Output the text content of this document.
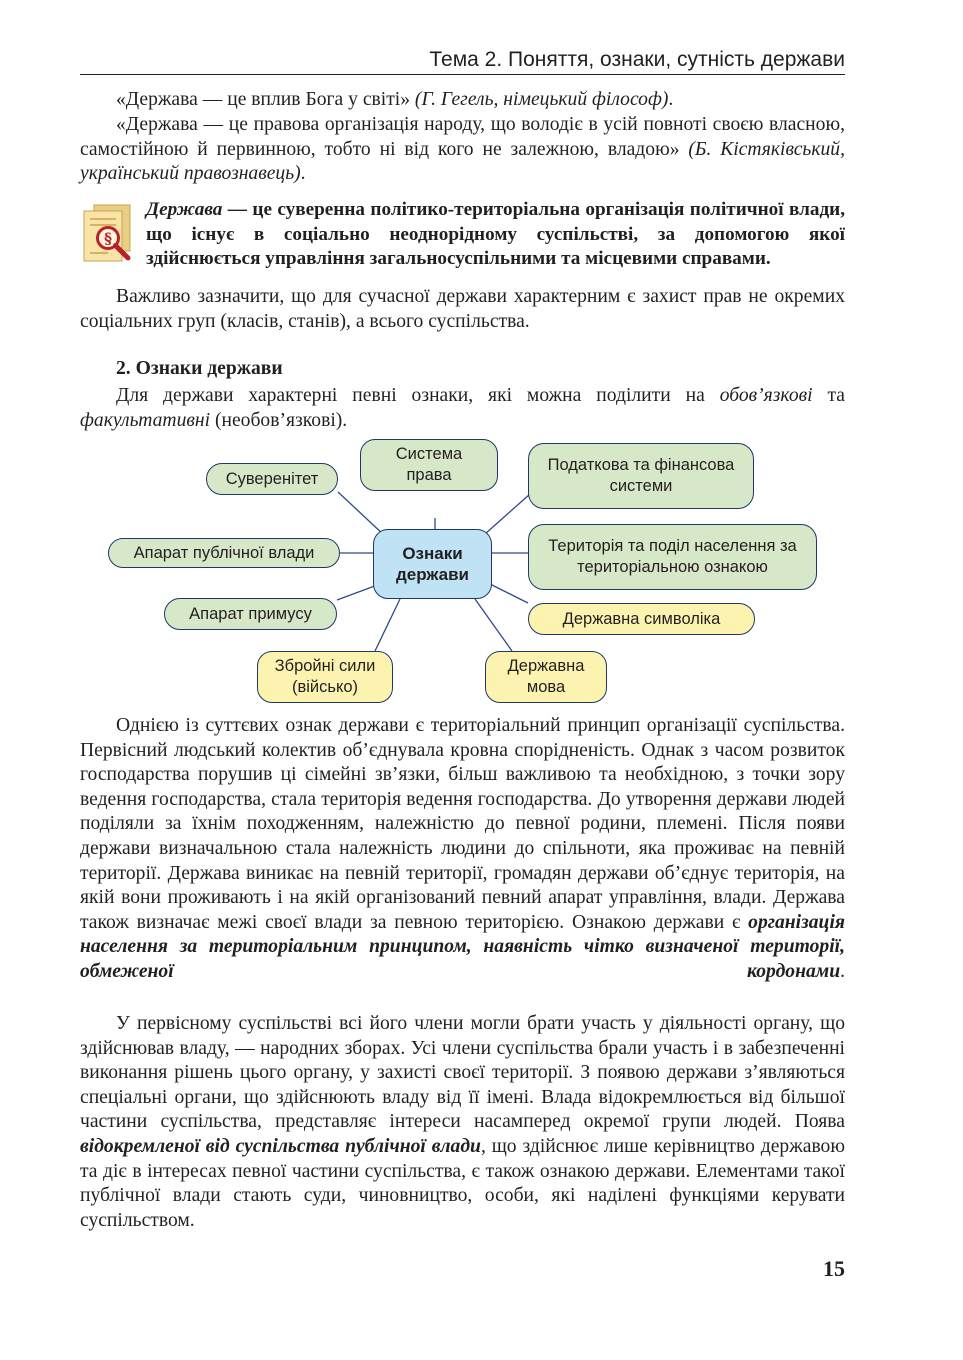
Тема 2. Поняття, ознаки, сутність держави

«Держава — це вплив Бога у світі» (Г. Гегель, німецький філософ).

«Держава — це правова організація народу, що володіє в усій повноті своєю власною, самостійною й первинною, тобто ні від кого не залежною, владою» (Б. Кістяківський, український правознавець).

§

Держава — це суверенна політико-територіальна організація політичної влади, що існує в соціально неоднорідному суспільстві, за допомогою якої здійснюється управління загальносуспільними та місцевими справами.

Важливо зазначити, що для сучасної держави характерним є захист прав не окремих соціальних груп (класів, станів), а всього суспільства.

2. Ознаки держави

Для держави характерні певні ознаки, які можна поділити на обов’язкові та факультативні (необов’язкові).

Суверенітет
Система права
Податкова та фінансова системи
Апарат публічної влади	Ознаки держави
Територія та поділ населення за територіальною ознакою
Апарат примусу	Державна символіка
Збройні сили (військо)
Державна мова

Однією із суттєвих ознак держави є територіальний принцип організації суспільства. Первісний людський колектив об’єднувала кровна спорідненість. Однак з часом розвиток господарства порушив ці сімейні зв’язки, більш важливою та необхідною, з точки зору ведення господарства, стала територія ведення господарства. До утворення держави людей поділяли за їхнім походженням, належністю до певної родини, племені. Після появи держави визначальною стала належність людини до спільноти, яка проживає на певній території. Держава виникає на певній території, громадян держави об’єднує територія, на якій вони проживають і на якій організований певний апарат управління, влади. Держава також визначає межі своєї влади за певною територією. Ознакою держави є організація населення за територіальним принципом, наявність чітко визначеної території, обмеженої кордонами.

У первісному суспільстві всі його члени могли брати участь у діяльності органу, що здійснював владу, — народних зборах. Усі члени суспільства брали участь і в забезпеченні виконання рішень цього органу, у захисті своєї території. З появою держави з’являються спеціальні органи, що здійснюють владу від її імені. Влада відокремлюється від більшої частини суспільства, представляє інтереси насамперед окремої групи людей. Поява відокремленої від суспільства публічної влади, що здійснює лише керівництво державою та діє в інтересах певної частини суспільства, є також ознакою держави. Елементами такої публічної влади стають суди, чиновництво, особи, які наділені функціями керувати суспільством.

15
